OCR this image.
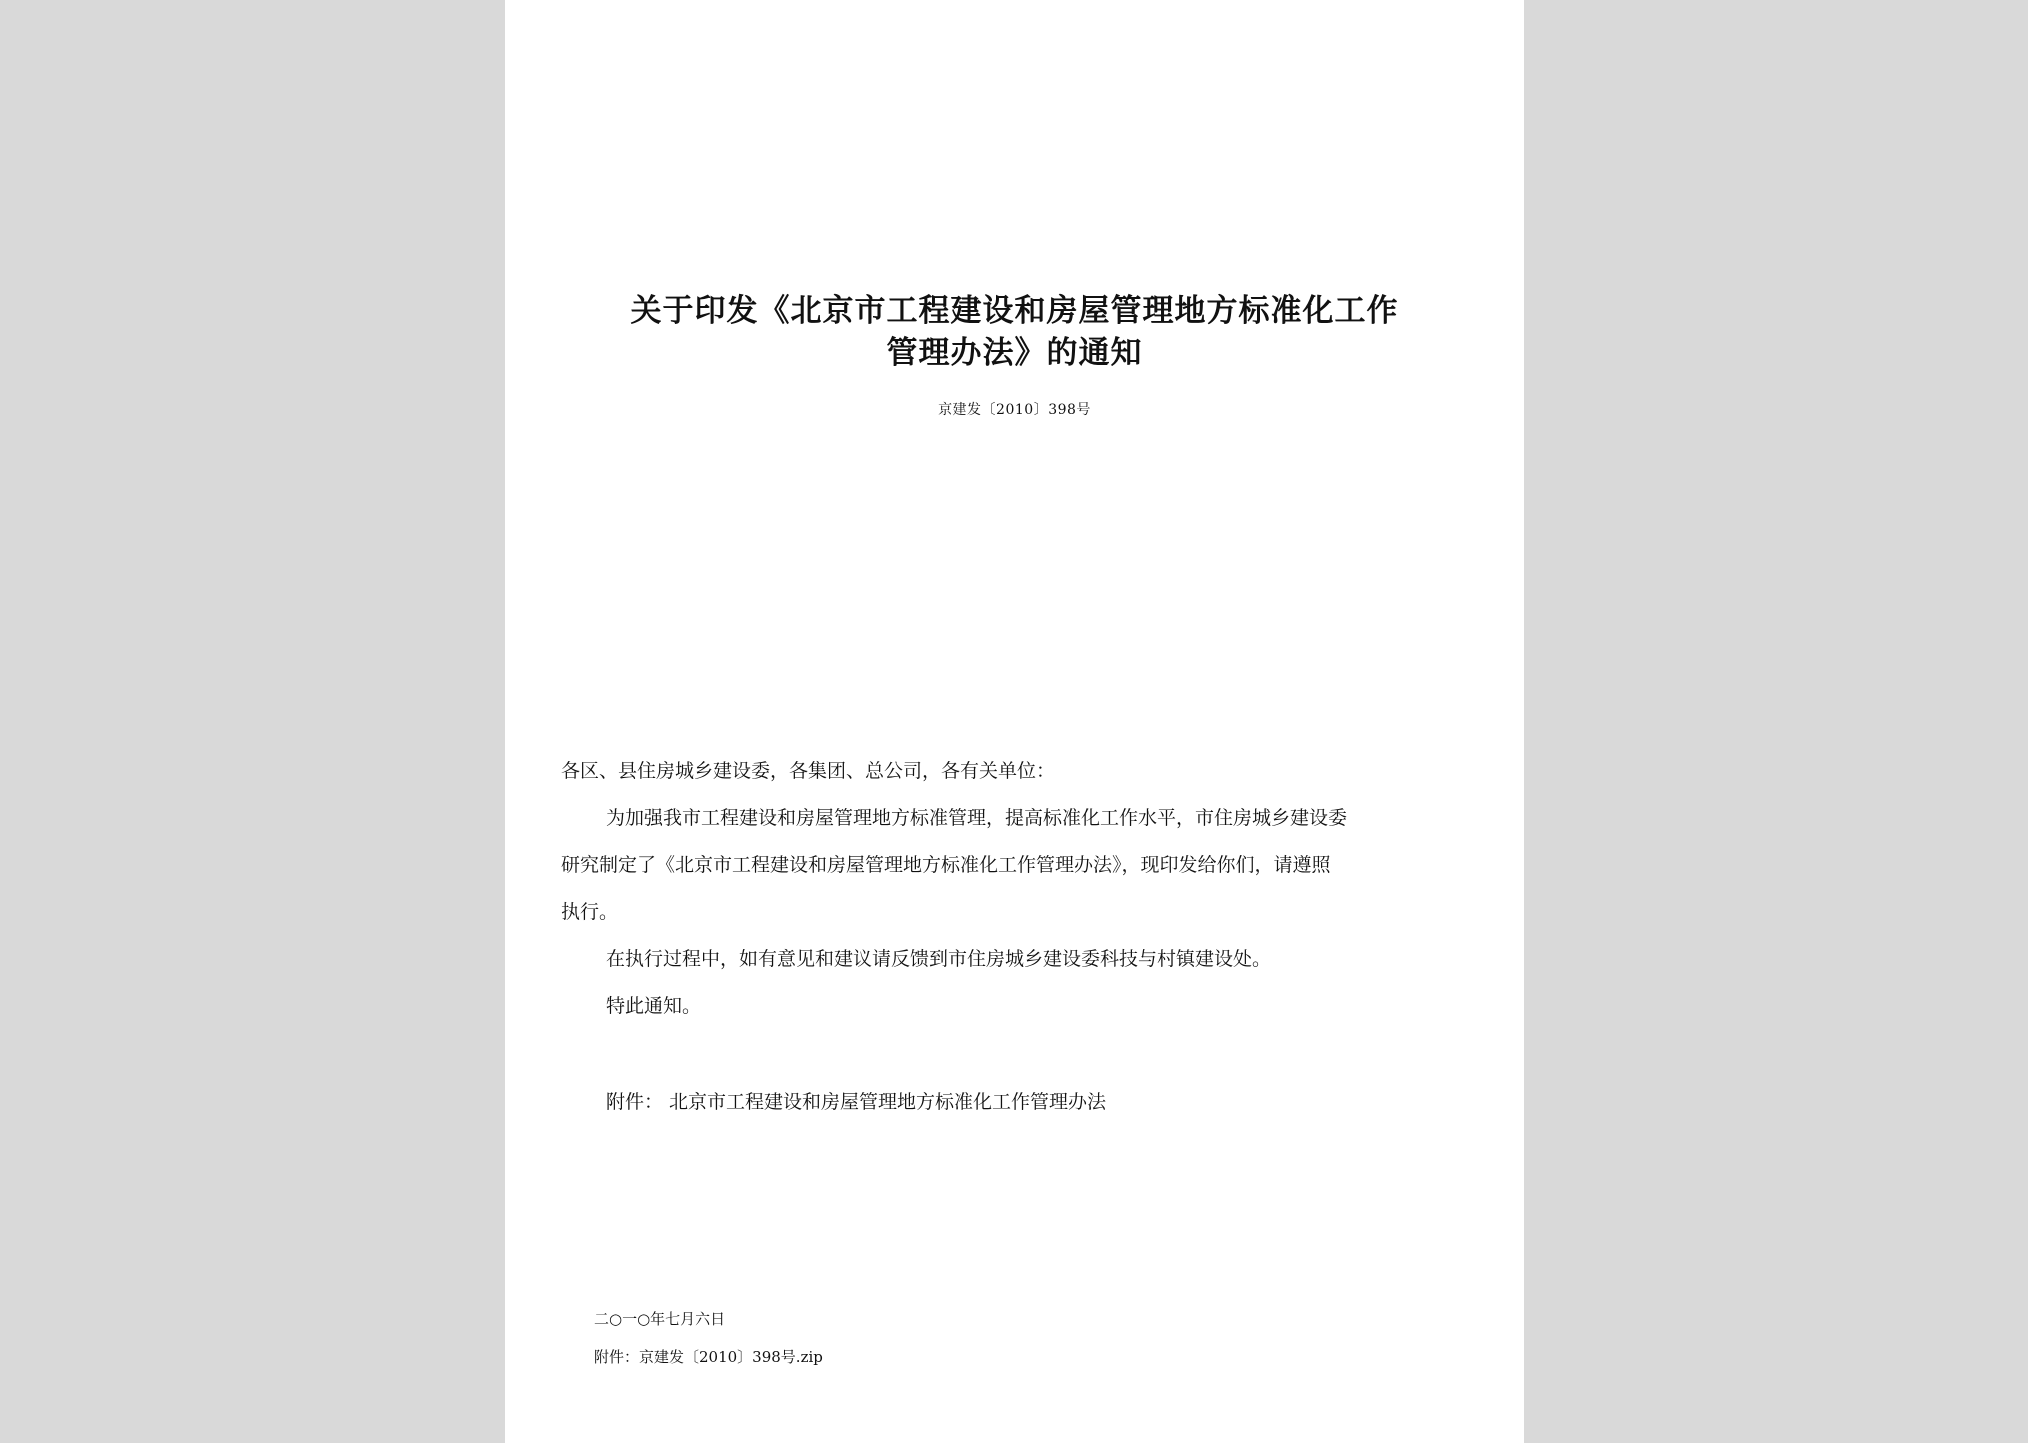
关于印发《北京市工程建设和房屋管理地方标准化工作
管理办法》的通知
京建发〔2010〕398号
各区、县住房城乡建设委，各集团、总公司，各有关单位：
为加强我市工程建设和房屋管理地方标准管理，提高标准化工作水平，市住房城乡建设委
研究制定了《北京市工程建设和房屋管理地方标准化工作管理办法》，现印发给你们，请遵照
执行。
在执行过程中，如有意见和建议请反馈到市住房城乡建设委科技与村镇建设处。
特此通知。
附件： 北京市工程建设和房屋管理地方标准化工作管理办法
二○一○年七月六日
附件：京建发〔2010〕398号.zip
